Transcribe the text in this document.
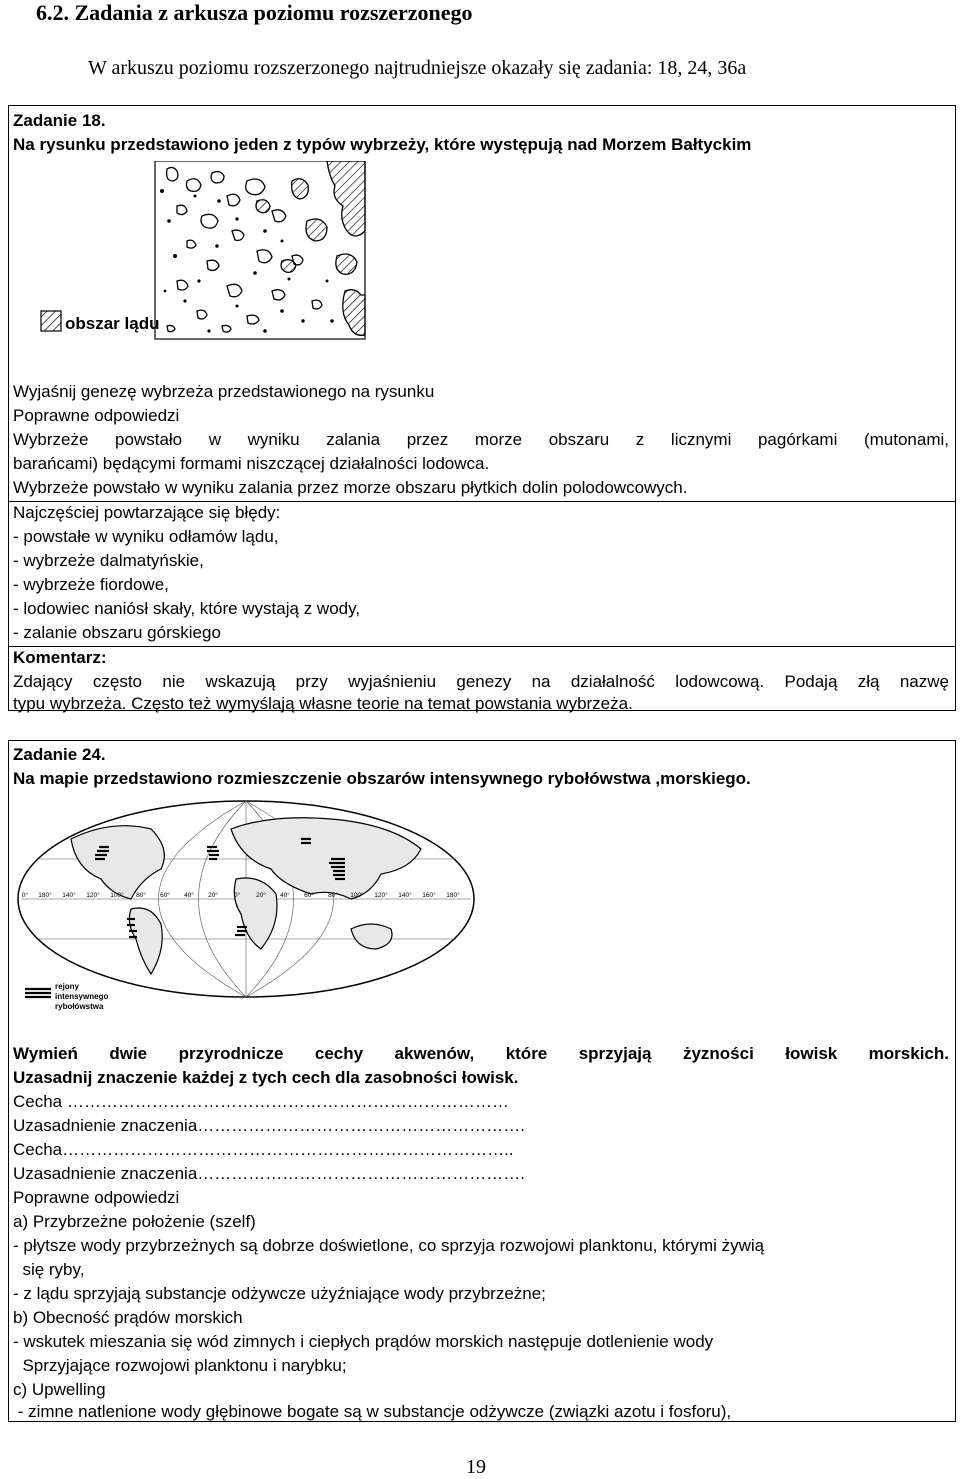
6.2. Zadania z arkusza poziomu rozszerzonego
W arkuszu poziomu rozszerzonego najtrudniejsze okazały się zadania: 18, 24, 36a
Zadanie 18.
Na rysunku przedstawiono jeden z typów wybrzeży, które występują nad Morzem Bałtyckim
obszar lądu
Wyjaśnij genezę wybrzeża przedstawionego na rysunku
Poprawne odpowiedzi
Wybrzeże powstało w wyniku zalania przez morze obszaru z licznymi pagórkami (mutonami,
barańcami) będącymi formami niszczącej działalności lodowca.
Wybrzeże powstało w wyniku zalania przez morze obszaru płytkich dolin polodowcowych.
Najczęściej powtarzające się błędy:
- powstałe w wyniku odłamów lądu,
- wybrzeże dalmatyńskie,
- wybrzeże fiordowe,
- lodowiec naniósł skały, które wystają z wody,
- zalanie obszaru górskiego
Komentarz:
Zdający często nie wskazują przy wyjaśnieniu genezy na działalność lodowcową. Podają złą nazwę
typu wybrzeża. Często też wymyślają własne teorie na temat powstania wybrzeża.
Zadanie 24.
Na mapie przedstawiono rozmieszczenie obszarów intensywnego rybołówstwa ,morskiego.
0° 180° 140° 120° 100° 80° 60° 40° 20° 0° 20° 40° 60° 80° 100° 120° 140° 160° 180°
rejony
intensywnego
rybołówstwa
Wymień dwie przyrodnicze cechy akwenów, które sprzyjają żyzności łowisk morskich.
Uzasadnij znaczenie każdej z tych cech dla zasobności łowisk.
Cecha ……………………………………………………………………
Uzasadnienie znaczenia………………………………………………….
Cecha……………………………………………………………………..
Uzasadnienie znaczenia………………………………………………….
Poprawne odpowiedzi
a) Przybrzeżne położenie (szelf)
- płytsze wody przybrzeżnych są dobrze doświetlone, co sprzyja rozwojowi planktonu, którymi żywią
się ryby,
- z lądu sprzyjają substancje odżywcze użyźniające wody przybrzeżne;
b) Obecność prądów morskich
- wskutek mieszania się wód zimnych i ciepłych prądów morskich następuje dotlenienie wody
Sprzyjające rozwojowi planktonu i narybku;
c) Upwelling
- zimne natlenione wody głębinowe bogate są w substancje odżywcze (związki azotu i fosforu),
19
